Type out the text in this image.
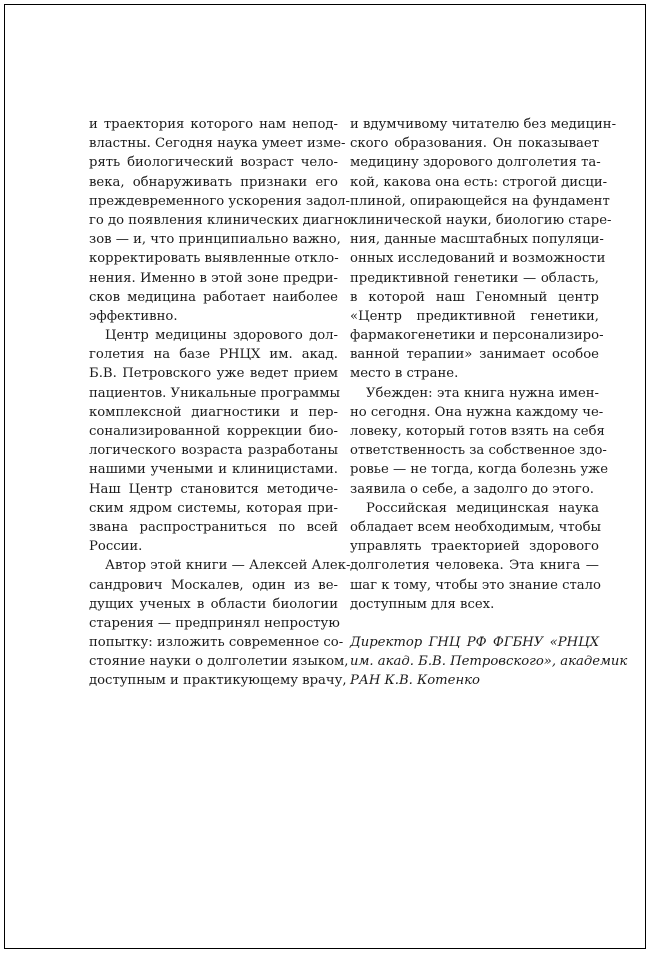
и траектория которого нам непод-
властны. Сегодня наука умеет изме-
рять биологический возраст чело-
века, обнаруживать признаки его
преждевременного ускорения задол-
го до появления клинических диагно-
зов — и, что принципиально важно,
корректировать выявленные откло-
нения. Именно в этой зоне предри-
сков медицина работает наиболее
эффективно.
Центр медицины здорового дол-
голетия на базе РНЦХ им. акад.
Б.В. Петровского уже ведет прием
пациентов. Уникальные программы
комплексной диагностики и пер-
сонализированной коррекции био-
логического возраста разработаны
нашими учеными и клиницистами.
Наш Центр становится методиче-
ским ядром системы, которая при-
звана распространиться по всей
России.
Автор этой книги — Алексей Алек-
сандрович Москалев, один из ве-
дущих ученых в области биологии
старения — предпринял непростую
попытку: изложить современное со-
стояние науки о долголетии языком,
доступным и практикующему врачу,
и вдумчивому читателю без медицин-
ского образования. Он показывает
медицину здорового долголетия та-
кой, какова она есть: строгой дисци-
плиной, опирающейся на фундамент
клинической науки, биологию старе-
ния, данные масштабных популяци-
онных исследований и возможности
предиктивной генетики — область,
в которой наш Геномный центр
«Центр предиктивной генетики,
фармакогенетики и персонализиро-
ванной терапии» занимает особое
место в стране.
Убежден: эта книга нужна имен-
но сегодня. Она нужна каждому че-
ловеку, который готов взять на себя
ответственность за собственное здо-
ровье — не тогда, когда болезнь уже
заявила о себе, а задолго до этого.
Российская медицинская наука
обладает всем необходимым, чтобы
управлять траекторией здорового
долголетия человека. Эта книга —
шаг к тому, чтобы это знание стало
доступным для всех.
Директор ГНЦ РФ ФГБНУ «РНЦХ
им. акад. Б.В. Петровского», академик
РАН К.В. Котенко
